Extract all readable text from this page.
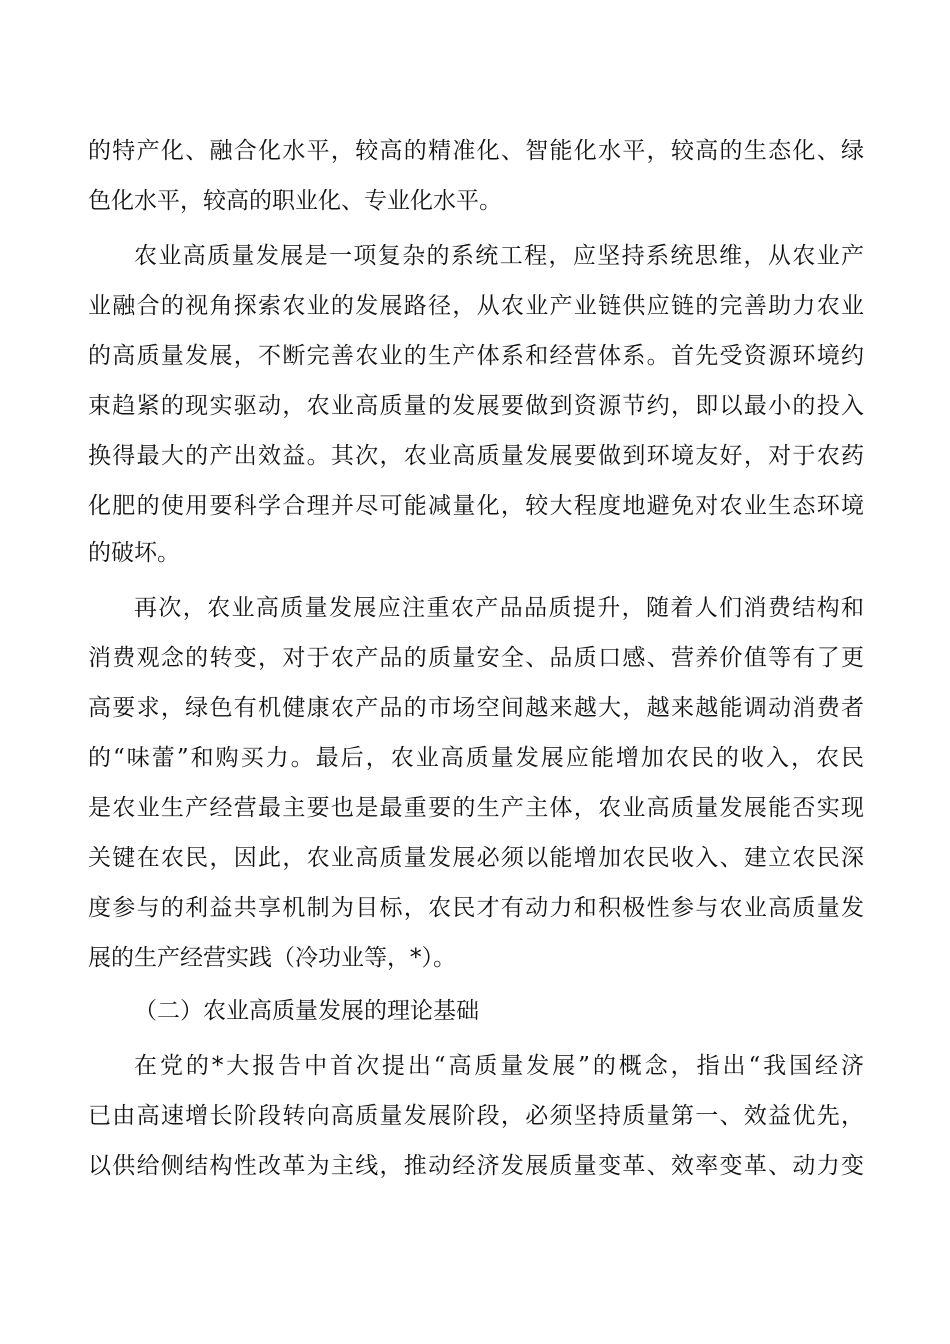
的特产化、融合化水平，较高的精准化、智能化水平，较高的生态化、绿
色化水平，较高的职业化、专业化水平。
农业高质量发展是一项复杂的系统工程，应坚持系统思维，从农业产
业融合的视角探索农业的发展路径，从农业产业链供应链的完善助力农业
的高质量发展，不断完善农业的生产体系和经营体系。首先受资源环境约
束趋紧的现实驱动，农业高质量的发展要做到资源节约，即以最小的投入
换得最大的产出效益。其次，农业高质量发展要做到环境友好，对于农药
化肥的使用要科学合理并尽可能减量化，较大程度地避免对农业生态环境
的破坏。
再次，农业高质量发展应注重农产品品质提升，随着人们消费结构和
消费观念的转变，对于农产品的质量安全、品质口感、营养价值等有了更
高要求，绿色有机健康农产品的市场空间越来越大，越来越能调动消费者
的“味蕾”和购买力。最后，农业高质量发展应能增加农民的收入，农民
是农业生产经营最主要也是最重要的生产主体，农业高质量发展能否实现
关键在农民，因此，农业高质量发展必须以能增加农民收入、建立农民深
度参与的利益共享机制为目标，农民才有动力和积极性参与农业高质量发
展的生产经营实践（冷功业等，*）。
（二）农业高质量发展的理论基础
在党的*大报告中首次提出“高质量发展”的概念，指出“我国经济
已由高速增长阶段转向高质量发展阶段，必须坚持质量第一、效益优先，
以供给侧结构性改革为主线，推动经济发展质量变革、效率变革、动力变
